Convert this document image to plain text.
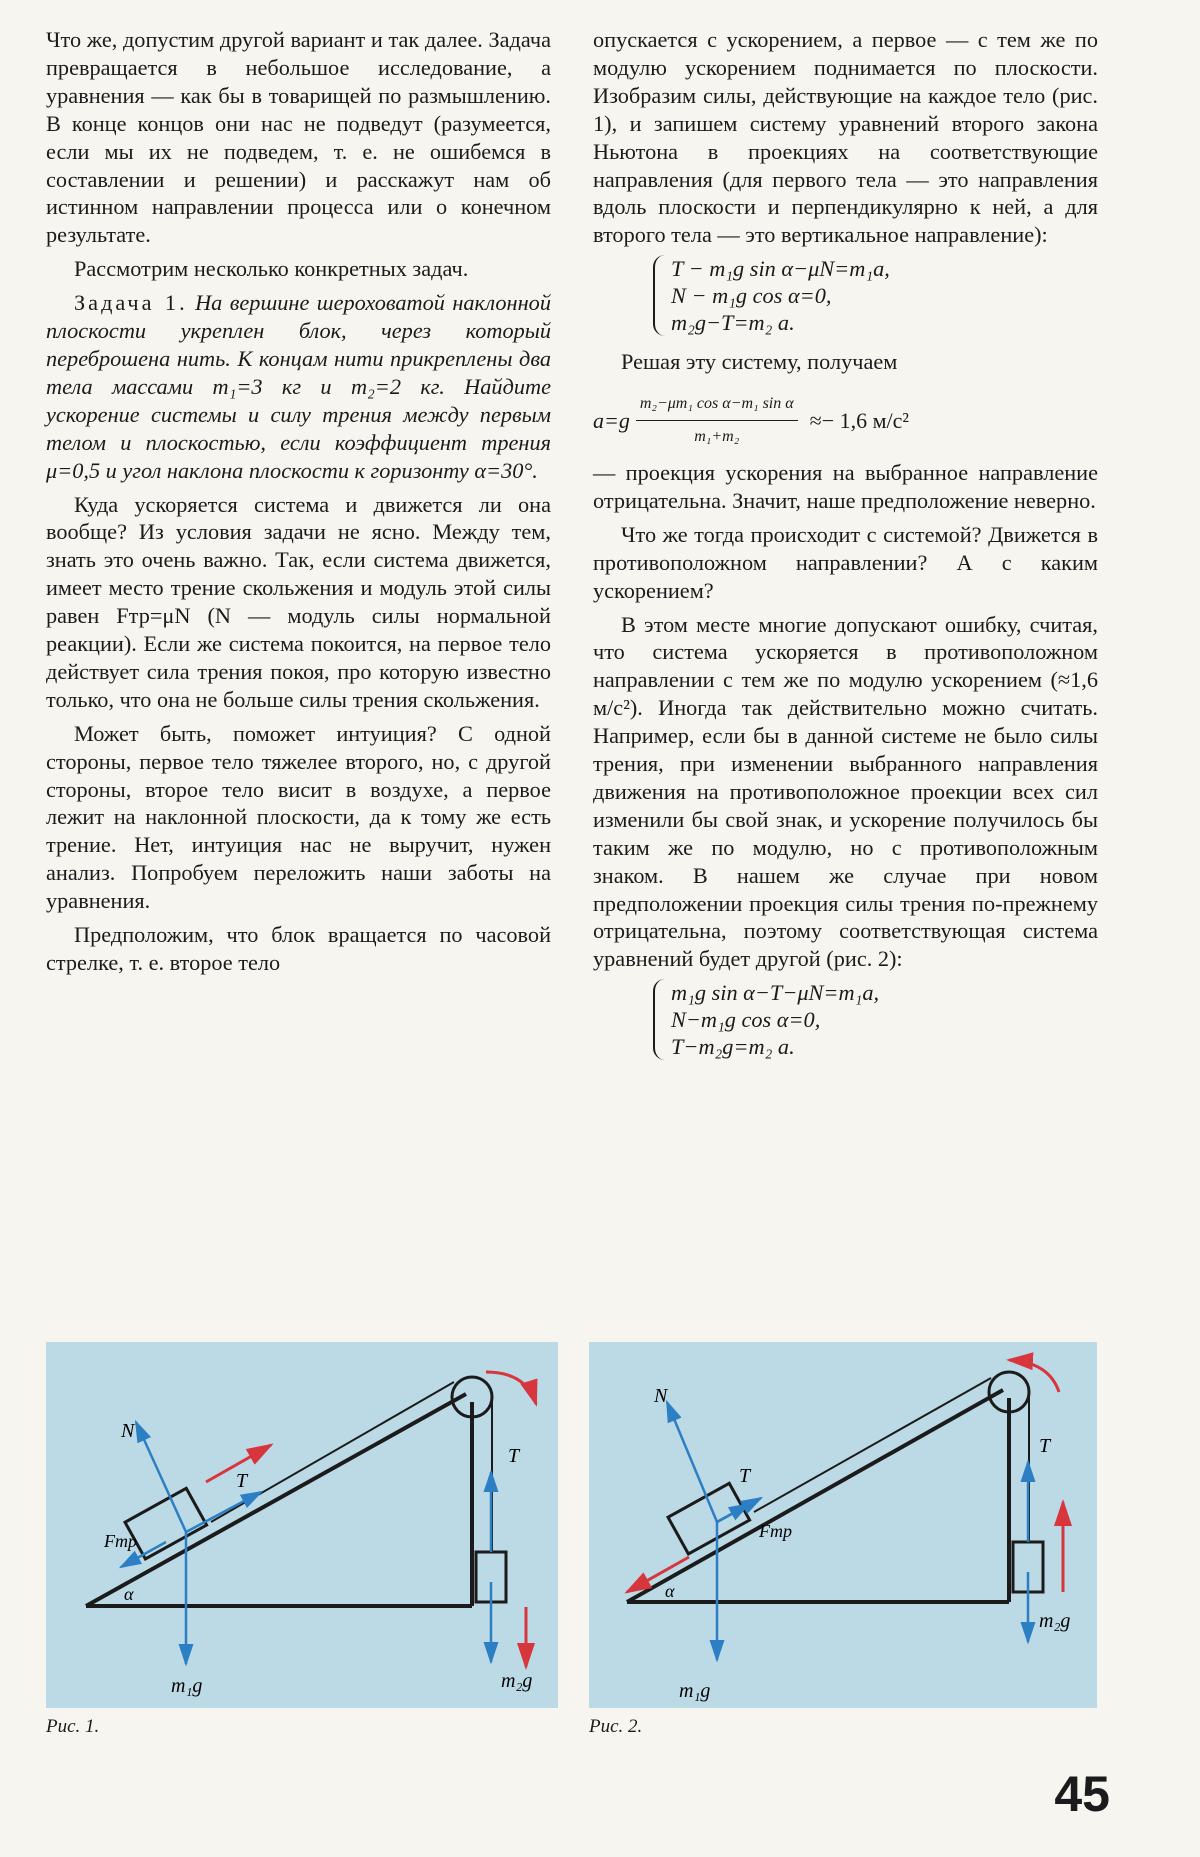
Что же, допустим другой вариант и так далее. Задача превращается в небольшое исследование, а уравнения — как бы в товарищей по размышлению. В конце концов они нас не подведут (разумеется, если мы их не подведем, т. е. не ошибемся в составлении и решении) и расскажут нам об истинном направлении процесса или о конечном результате.

Рассмотрим несколько конкретных задач.

Задача 1. На вершине шероховатой наклонной плоскости укреплен блок, через который переброшена нить. К концам нити прикреплены два тела массами m₁=3 кг и m₂=2 кг. Найдите ускорение системы и силу трения между первым телом и плоскостью, если коэффициент трения μ=0,5 и угол наклона плоскости к горизонту α=30°.

Куда ускоряется система и движется ли она вообще? Из условия задачи не ясно. Между тем, знать это очень важно. Так, если система движется, имеет место трение скольжения и модуль этой силы равен Fтр=μN (N — модуль силы нормальной реакции). Если же система покоится, на первое тело действует сила трения покоя, про которую известно только, что она не больше силы трения скольжения.

Может быть, поможет интуиция? С одной стороны, первое тело тяжелее второго, но, с другой стороны, второе тело висит в воздухе, а первое лежит на наклонной плоскости, да к тому же есть трение. Нет, интуиция нас не выручит, нужен анализ. Попробуем переложить наши заботы на уравнения.

Предположим, что блок вращается по часовой стрелке, т. е. второе тело

опускается с ускорением, а первое — с тем же по модулю ускорением поднимается по плоскости. Изобразим силы, действующие на каждое тело (рис. 1), и запишем систему уравнений второго закона Ньютона в проекциях на соответствующие направления (для первого тела — это направления вдоль плоскости и перпендикулярно к ней, а для второго тела — это вертикальное направление):

T − m₁g sin α−μN=m₁a,
N − m₁g cos α=0,
m₂g−T=m₂ a.

Решая эту систему, получаем

$a=g \frac{\text{m₂−μm₁ cos α−m₁ sin α}}{\text{m₁+m₂}} \approx- 1,6$ м/с²

— проекция ускорения на выбранное направление отрицательна. Значит, наше предположение неверно.

Что же тогда происходит с системой? Движется в противоположном направлении? А с каким ускорением?

В этом месте многие допускают ошибку, считая, что система ускоряется в противоположном направлении с тем же по модулю ускорением (≈1,6 м/с²). Иногда так действительно можно считать. Например, если бы в данной системе не было силы трения, при изменении выбранного направления движения на противоположное проекции всех сил изменили бы свой знак, и ускорение получилось бы таким же по модулю, но с противоположным знаком. В нашем же случае при новом предположении проекция силы трения по-прежнему отрицательна, поэтому соответствующая система уравнений будет другой (рис. 2):

m₁g sin α−T−μN=m₁a,
N−m₁g cos α=0,
T−m₂g=m₂ a.
N
T
Fтр
T
α
m₁g	m₂g
N
T
Fтр
T
α
m₁g
m₂g
Рис. 1.	Рис. 2.
45
